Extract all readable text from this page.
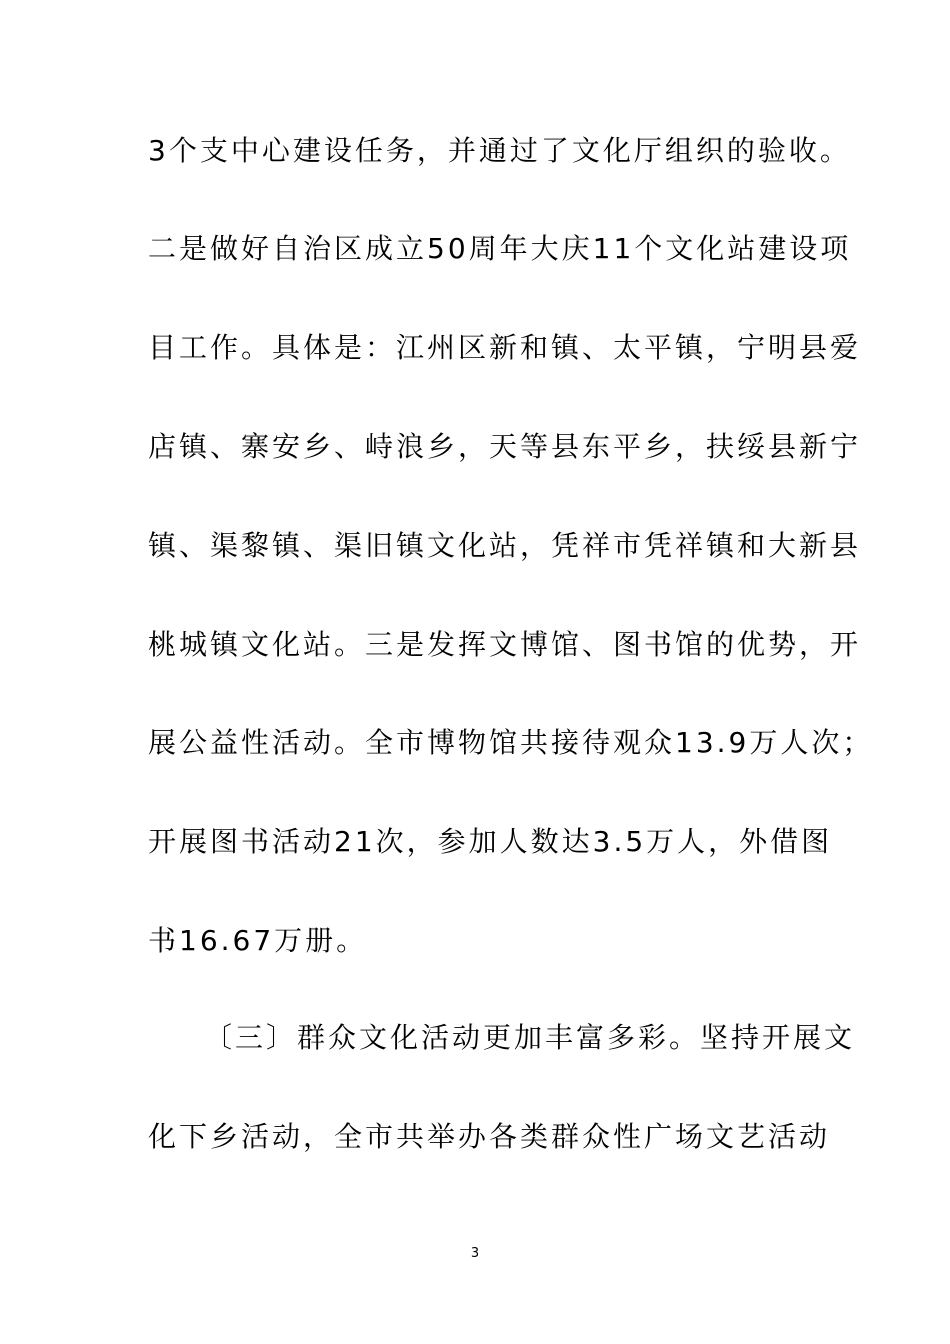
3个支中心建设任务，并通过了文化厅组织的验收。
二是做好自治区成立50周年大庆11个文化站建设项
目工作。具体是：江州区新和镇、太平镇，宁明县爱
店镇、寨安乡、峙浪乡，天等县东平乡，扶绥县新宁
镇、渠黎镇、渠旧镇文化站，凭祥市凭祥镇和大新县
桃城镇文化站。三是发挥文博馆、图书馆的优势，开
展公益性活动。全市博物馆共接待观众13.9万人次；
开展图书活动21次，参加人数达3.5万人，外借图
书16.67万册。
〔三〕群众文化活动更加丰富多彩。坚持开展文
化下乡活动，全市共举办各类群众性广场文艺活动
3
